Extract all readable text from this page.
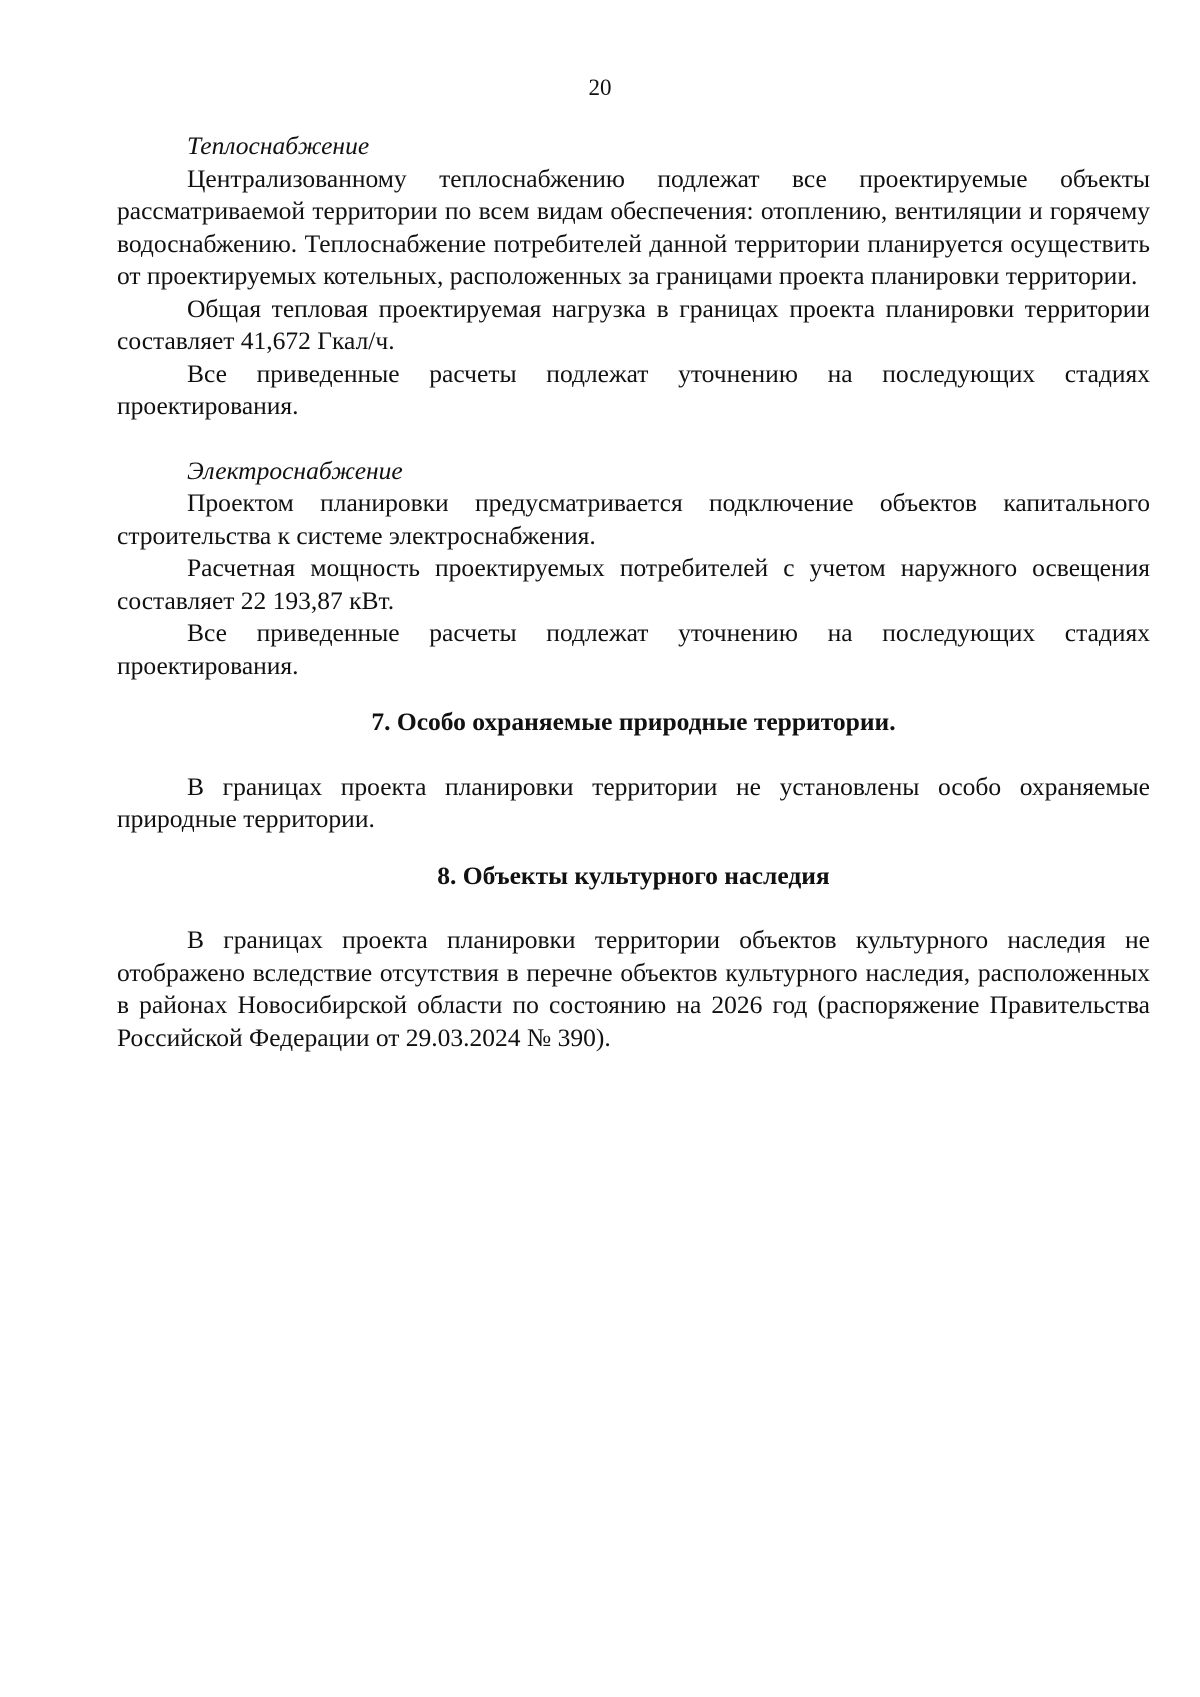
20

Теплоснабжение

Централизованному теплоснабжению подлежат все проектируемые объекты рассматриваемой территории по всем видам обеспечения: отоплению, вентиляции и горячему водоснабжению. Теплоснабжение потребителей данной территории планируется осуществить от проектируемых котельных, расположенных за границами проекта планировки территории.

Общая тепловая проектируемая нагрузка в границах проекта планировки территории составляет 41,672 Гкал/ч.

Все приведенные расчеты подлежат уточнению на последующих стадиях проектирования.

Электроснабжение

Проектом планировки предусматривается подключение объектов капитального строительства к системе электроснабжения.

Расчетная мощность проектируемых потребителей с учетом наружного освещения составляет 22 193,87 кВт.

Все приведенные расчеты подлежат уточнению на последующих стадиях проектирования.

7. Особо охраняемые природные территории.

В границах проекта планировки территории не установлены особо охраняемые природные территории.

8. Объекты культурного наследия

В границах проекта планировки территории объектов культурного наследия не отображено вследствие отсутствия в перечне объектов культурного наследия, расположенных в районах Новосибирской области по состоянию на 2026 год (распоряжение Правительства Российской Федерации от 29.03.2024 № 390).
